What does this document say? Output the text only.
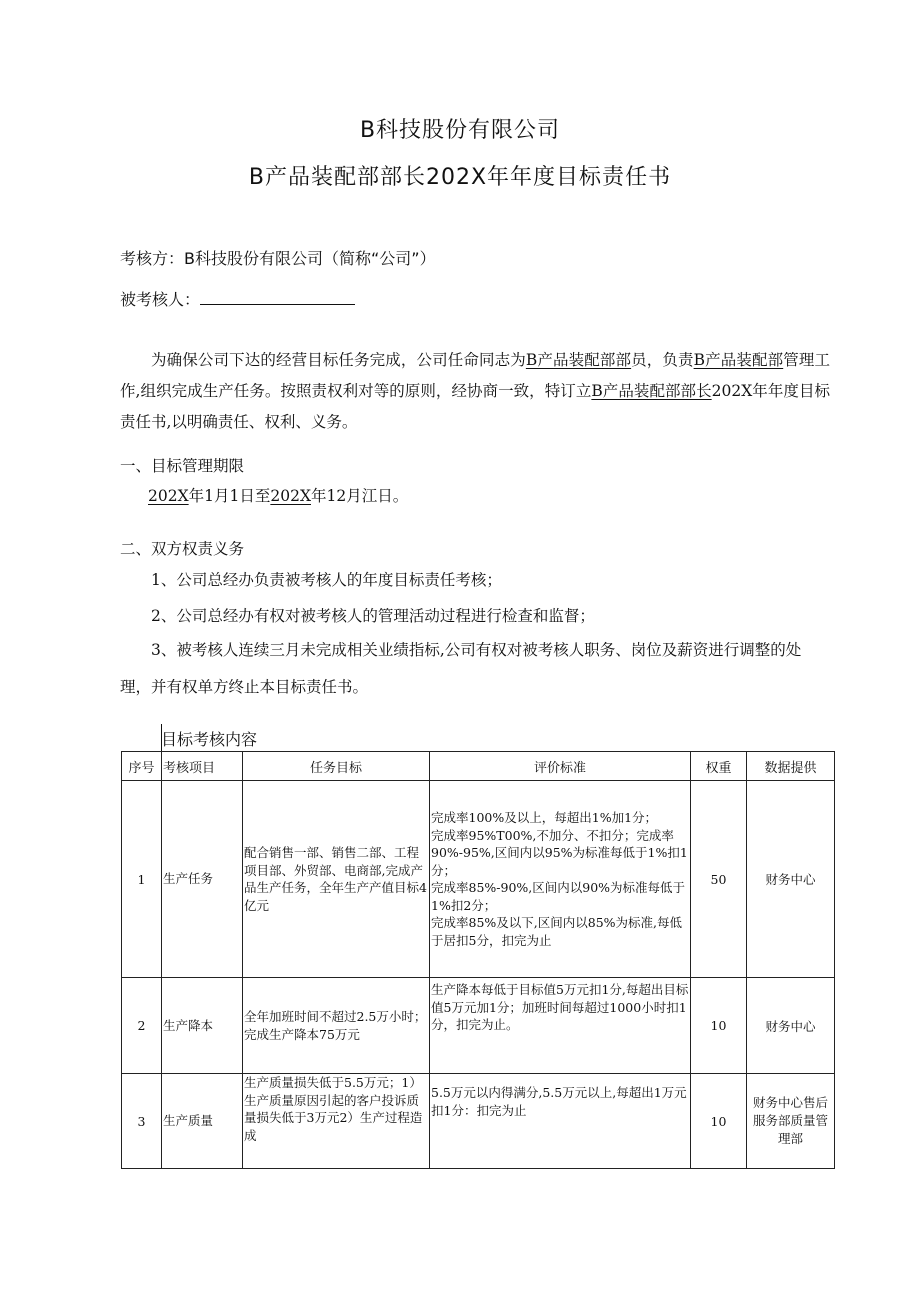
B科技股份有限公司
B产品装配部部长202X年年度目标责任书
考核方：B科技股份有限公司（简称“公司”）
被考核人：
为确保公司下达的经营目标任务完成，公司任命同志为B产品装配部部员，负责B产品装配部管理工作,组织完成生产任务。按照责权利对等的原则，经协商一致，特订立B产品装配部部长202X年年度目标责任书,以明确责任、权利、义务。
一、目标管理期限
202X年1月1日至202X年12月江日。
二、双方权责义务
1、公司总经办负责被考核人的年度目标责任考核；
2、公司总经办有权对被考核人的管理活动过程进行检查和监督；
3、被考核人连续三月未完成相关业绩指标,公司有权对被考核人职务、岗位及薪资进行调整的处理，并有权单方终止本目标责任书。
目标考核内容
序号	考核项目	任务目标	评价标准	权重	数据提供
1	生产任务	配合销售一部、销售二部、工程项目部、外贸部、电商部,完成产品生产任务，全年生产产值目标4亿元	完成率100%及以上，每超出1%加1分；
完成率95%T00%,不加分、不扣分；完成率90%-95%,区间内以95%为标准每低于1%扣1分；
完成率85%-90%,区间内以90%为标准每低于1%扣2分；
完成率85%及以下,区间内以85%为标准,每低于居扣5分，扣完为止	50	财务中心
2	生产降本	全年加班时间不超过2.5万小时；完成生产降本75万元	生产降本每低于目标值5万元扣1分,每超出目标值5万元加1分；加班时间每超过1000小时扣1分，扣完为止。	10	财务中心
3	生产质量	生产质量损失低于5.5万元；1）生产质量原因引起的客户投诉质量损失低于3万元2）生产过程造成	5.5万元以内得满分,5.5万元以上,每超出1万元扣1分：扣完为止	10	财务中心售后服务部质量管理部
